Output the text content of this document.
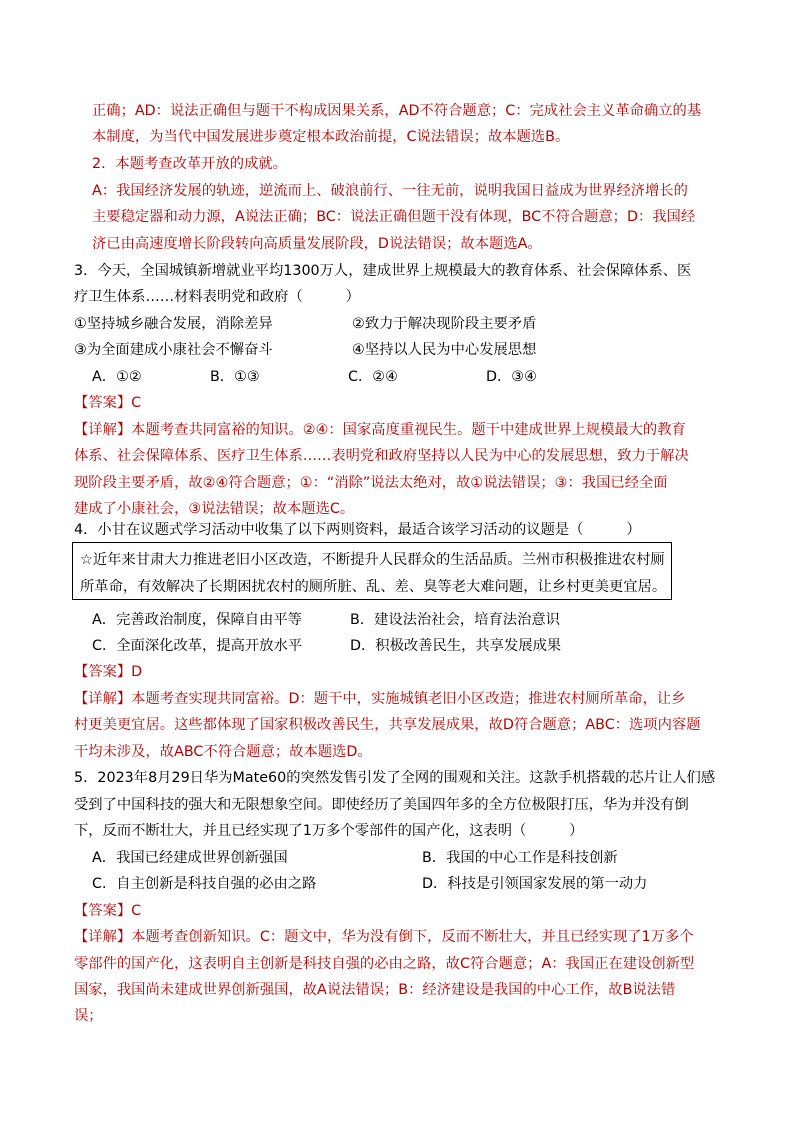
正确；AD：说法正确但与题干不构成因果关系，AD不符合题意；C：完成社会主义革命确立的基
本制度，为当代中国发展进步奠定根本政治前提，C说法错误；故本题选B。
2．本题考查改革开放的成就。
A：我国经济发展的轨迹，逆流而上、破浪前行、一往无前，说明我国日益成为世界经济增长的
主要稳定器和动力源，A说法正确；BC：说法正确但题干没有体现，BC不符合题意；D：我国经
济已由高速度增长阶段转向高质量发展阶段，D说法错误；故本题选A。
3．今天，全国城镇新增就业平均1300万人，建成世界上规模最大的教育体系、社会保障体系、医
疗卫生体系……材料表明党和政府（　　　）
①坚持城乡融合发展，消除差异	②致力于解决现阶段主要矛盾
③为全面建成小康社会不懈奋斗	④坚持以人民为中心发展思想
A．①②	B．①③	C．②④	D．③④
【答案】C
【详解】本题考查共同富裕的知识。②④：国家高度重视民生。题干中建成世界上规模最大的教育
体系、社会保障体系、医疗卫生体系……表明党和政府坚持以人民为中心的发展思想，致力于解决
现阶段主要矛盾，故②④符合题意；①：“消除”说法太绝对，故①说法错误；③：我国已经全面
建成了小康社会，③说法错误；故本题选C。
4．小甘在议题式学习活动中收集了以下两则资料，最适合该学习活动的议题是（　　　）
☆近年来甘肃大力推进老旧小区改造，不断提升人民群众的生活品质。兰州市积极推进农村厕
所革命，有效解决了长期困扰农村的厕所脏、乱、差、臭等老大难问题，让乡村更美更宜居。
A．完善政治制度，保障自由平等	B．建设法治社会，培育法治意识
C．全面深化改革，提高开放水平	D．积极改善民生，共享发展成果
【答案】D
【详解】本题考查实现共同富裕。D：题干中，实施城镇老旧小区改造；推进农村厕所革命，让乡
村更美更宜居。这些都体现了国家积极改善民生，共享发展成果，故D符合题意；ABC：选项内容题
干均未涉及，故ABC不符合题意；故本题选D。
5．2023年8月29日华为Mate60的突然发售引发了全网的围观和关注。这款手机搭载的芯片让人们感
受到了中国科技的强大和无限想象空间。即使经历了美国四年多的全方位极限打压，华为并没有倒
下，反而不断壮大，并且已经实现了1万多个零部件的国产化，这表明（　　　）
A．我国已经建成世界创新强国	B．我国的中心工作是科技创新
C．自主创新是科技自强的必由之路	D．科技是引领国家发展的第一动力
【答案】C
【详解】本题考查创新知识。C：题文中，华为没有倒下，反而不断壮大，并且已经实现了1万多个
零部件的国产化，这表明自主创新是科技自强的必由之路，故C符合题意；A：我国正在建设创新型
国家，我国尚未建成世界创新强国，故A说法错误；B：经济建设是我国的中心工作，故B说法错
误；
